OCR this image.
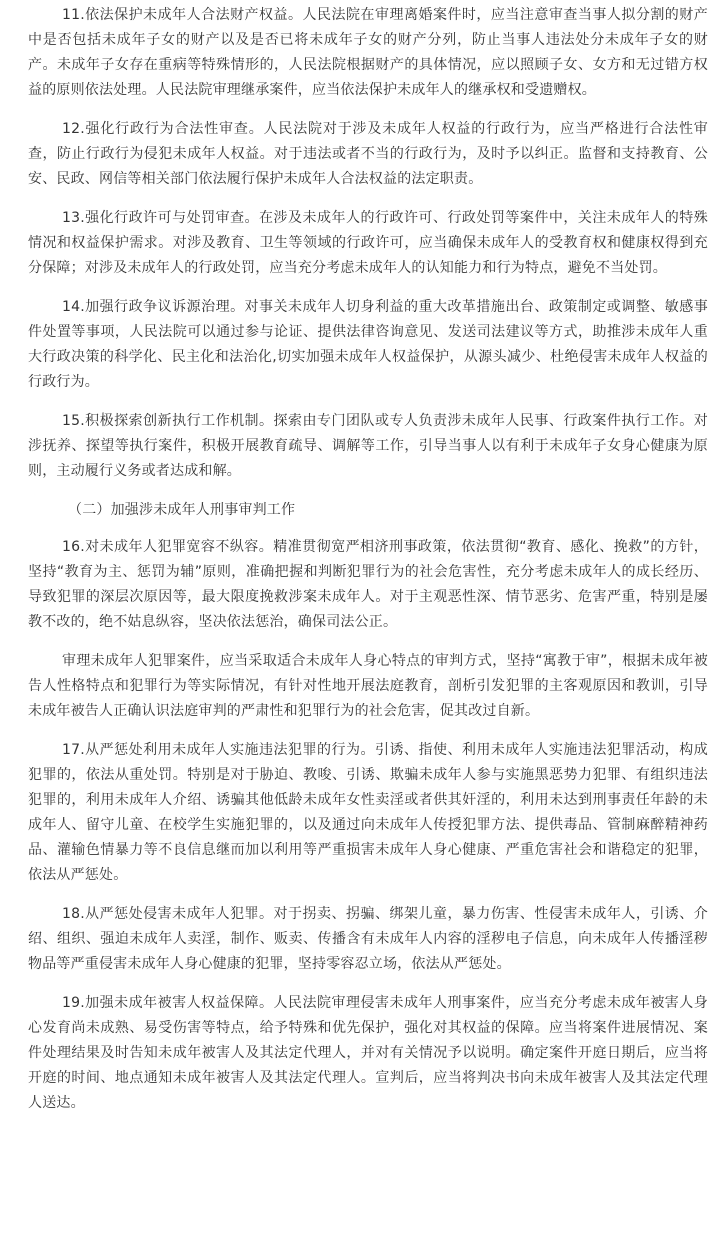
11.依法保护未成年人合法财产权益。人民法院在审理离婚案件时，应当注意审查当事人拟分割的财产中是否包括未成年子女的财产以及是否已将未成年子女的财产分列，防止当事人违法处分未成年子女的财产。未成年子女存在重病等特殊情形的，人民法院根据财产的具体情况，应以照顾子女、女方和无过错方权益的原则依法处理。人民法院审理继承案件，应当依法保护未成年人的继承权和受遗赠权。

12.强化行政行为合法性审查。人民法院对于涉及未成年人权益的行政行为，应当严格进行合法性审查，防止行政行为侵犯未成年人权益。对于违法或者不当的行政行为，及时予以纠正。监督和支持教育、公安、民政、网信等相关部门依法履行保护未成年人合法权益的法定职责。

13.强化行政许可与处罚审查。在涉及未成年人的行政许可、行政处罚等案件中，关注未成年人的特殊情况和权益保护需求。对涉及教育、卫生等领域的行政许可，应当确保未成年人的受教育权和健康权得到充分保障；对涉及未成年人的行政处罚，应当充分考虑未成年人的认知能力和行为特点，避免不当处罚。

14.加强行政争议诉源治理。对事关未成年人切身利益的重大改革措施出台、政策制定或调整、敏感事件处置等事项，人民法院可以通过参与论证、提供法律咨询意见、发送司法建议等方式，助推涉未成年人重大行政决策的科学化、民主化和法治化,切实加强未成年人权益保护，从源头减少、杜绝侵害未成年人权益的行政行为。

15.积极探索创新执行工作机制。探索由专门团队或专人负责涉未成年人民事、行政案件执行工作。对涉抚养、探望等执行案件，积极开展教育疏导、调解等工作，引导当事人以有利于未成年子女身心健康为原则，主动履行义务或者达成和解。

（二）加强涉未成年人刑事审判工作

16.对未成年人犯罪宽容不纵容。精准贯彻宽严相济刑事政策，依法贯彻“教育、感化、挽救”的方针，坚持“教育为主、惩罚为辅”原则，准确把握和判断犯罪行为的社会危害性，充分考虑未成年人的成长经历、导致犯罪的深层次原因等，最大限度挽救涉案未成年人。对于主观恶性深、情节恶劣、危害严重，特别是屡教不改的，绝不姑息纵容，坚决依法惩治，确保司法公正。

审理未成年人犯罪案件，应当采取适合未成年人身心特点的审判方式，坚持“寓教于审”，根据未成年被告人性格特点和犯罪行为等实际情况，有针对性地开展法庭教育，剖析引发犯罪的主客观原因和教训，引导未成年被告人正确认识法庭审判的严肃性和犯罪行为的社会危害，促其改过自新。

17.从严惩处利用未成年人实施违法犯罪的行为。引诱、指使、利用未成年人实施违法犯罪活动，构成犯罪的，依法从重处罚。特别是对于胁迫、教唆、引诱、欺骗未成年人参与实施黑恶势力犯罪、有组织违法犯罪的，利用未成年人介绍、诱骗其他低龄未成年女性卖淫或者供其奸淫的，利用未达到刑事责任年龄的未成年人、留守儿童、在校学生实施犯罪的，以及通过向未成年人传授犯罪方法、提供毒品、管制麻醉精神药品、灌输色情暴力等不良信息继而加以利用等严重损害未成年人身心健康、严重危害社会和谐稳定的犯罪，依法从严惩处。

18.从严惩处侵害未成年人犯罪。对于拐卖、拐骗、绑架儿童，暴力伤害、性侵害未成年人，引诱、介绍、组织、强迫未成年人卖淫，制作、贩卖、传播含有未成年人内容的淫秽电子信息，向未成年人传播淫秽物品等严重侵害未成年人身心健康的犯罪，坚持零容忍立场，依法从严惩处。

19.加强未成年被害人权益保障。人民法院审理侵害未成年人刑事案件，应当充分考虑未成年被害人身心发育尚未成熟、易受伤害等特点，给予特殊和优先保护，强化对其权益的保障。应当将案件进展情况、案件处理结果及时告知未成年被害人及其法定代理人，并对有关情况予以说明。确定案件开庭日期后，应当将开庭的时间、地点通知未成年被害人及其法定代理人。宣判后，应当将判决书向未成年被害人及其法定代理人送达。
